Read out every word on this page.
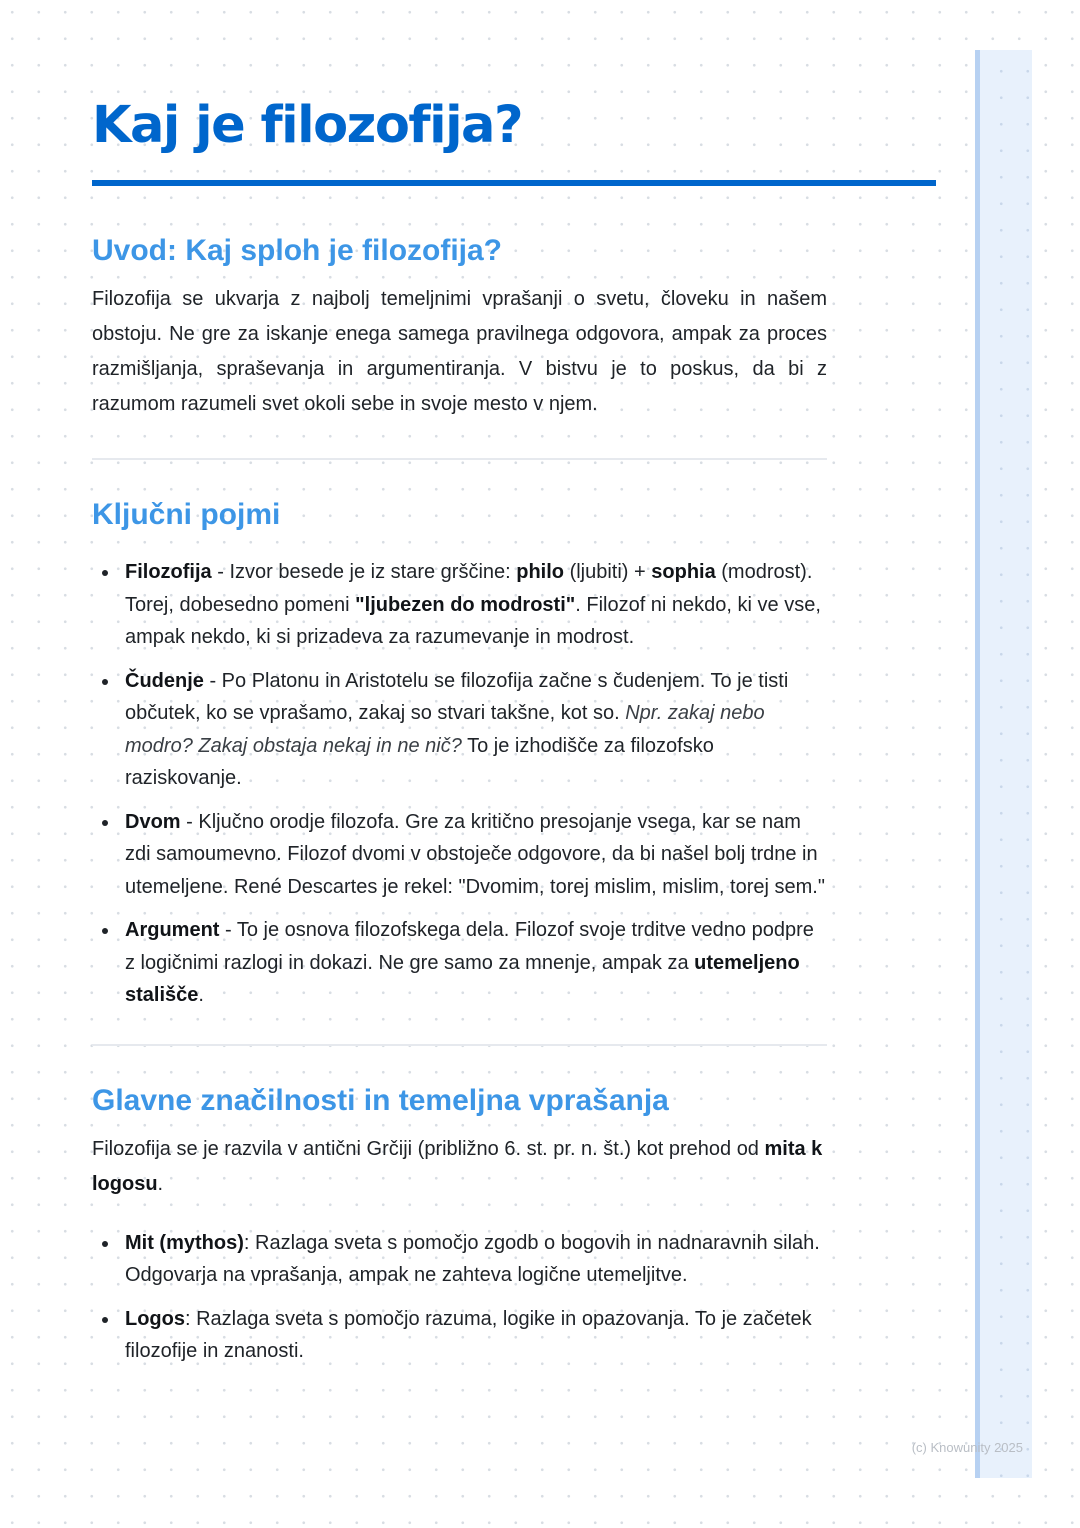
Kaj je filozofija?
Uvod: Kaj sploh je filozofija?

Filozofija se ukvarja z najbolj temeljnimi vprašanji o svetu, človeku in našem obstoju. Ne gre za iskanje enega samega pravilnega odgovora, ampak za proces razmišljanja, spraševanja in argumentiranja. V bistvu je to poskus, da bi z razumom razumeli svet okoli sebe in svoje mesto v njem.

Ključni pojmi
Filozofija - Izvor besede je iz stare grščine: philo (ljubiti) + sophia (modrost). Torej, dobesedno pomeni "ljubezen do modrosti". Filozof ni nekdo, ki ve vse, ampak nekdo, ki si prizadeva za razumevanje in modrost.
Čudenje - Po Platonu in Aristotelu se filozofija začne s čudenjem. To je tisti občutek, ko se vprašamo, zakaj so stvari takšne, kot so. Npr. zakaj nebo modro? Zakaj obstaja nekaj in ne nič? To je izhodišče za filozofsko raziskovanje.
Dvom - Ključno orodje filozofa. Gre za kritično presojanje vsega, kar se nam zdi samoumevno. Filozof dvomi v obstoječe odgovore, da bi našel bolj trdne in utemeljene. René Descartes je rekel: "Dvomim, torej mislim, mislim, torej sem."
Argument - To je osnova filozofskega dela. Filozof svoje trditve vedno podpre z logičnimi razlogi in dokazi. Ne gre samo za mnenje, ampak za utemeljeno stališče.
Glavne značilnosti in temeljna vprašanja

Filozofija se je razvila v antični Grčiji (približno 6. st. pr. n. št.) kot prehod od mita k logosu.

Mit (mythos): Razlaga sveta s pomočjo zgodb o bogovih in nadnaravnih silah. Odgovarja na vprašanja, ampak ne zahteva logične utemeljitve.
Logos: Razlaga sveta s pomočjo razuma, logike in opazovanja. To je začetek filozofije in znanosti.
(c) Knowunity 2025
